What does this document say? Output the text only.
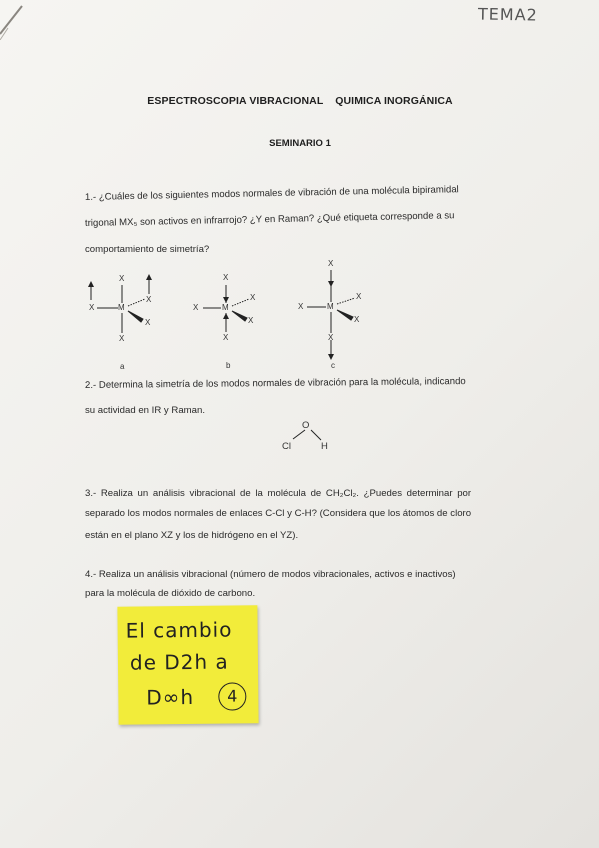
TEMA2
ESPECTROSCOPIA VIBRACIONAL    QUIMICA INORGÁNICA
SEMINARIO 1
1.- ¿Cuáles de los siguientes modos normales de vibración de una molécula bipiramidal
trigonal MX₅ son activos en infrarrojo? ¿Y en Raman? ¿Qué etiqueta corresponde a su
comportamiento de simetría?
X	M
X
X
X
X
X	M
X
X
X
X
X	M
X
X
X
X
a	b	c
2.- Determina la simetría de los modos normales de vibración para la molécula, indicando
su actividad en IR y Raman.
O
Cl	H
3.- Realiza un análisis vibracional de la molécula de CH₂Cl₂. ¿Puedes determinar por
separado los modos normales de enlaces C-Cl y C-H? (Considera que los átomos de cloro
están en el plano XZ y los de hidrógeno en el YZ).
4.- Realiza un análisis vibracional (número de modos vibracionales, activos e inactivos)
para la molécula de dióxido de carbono.
El cambio
de D2h a
D∞h	4
